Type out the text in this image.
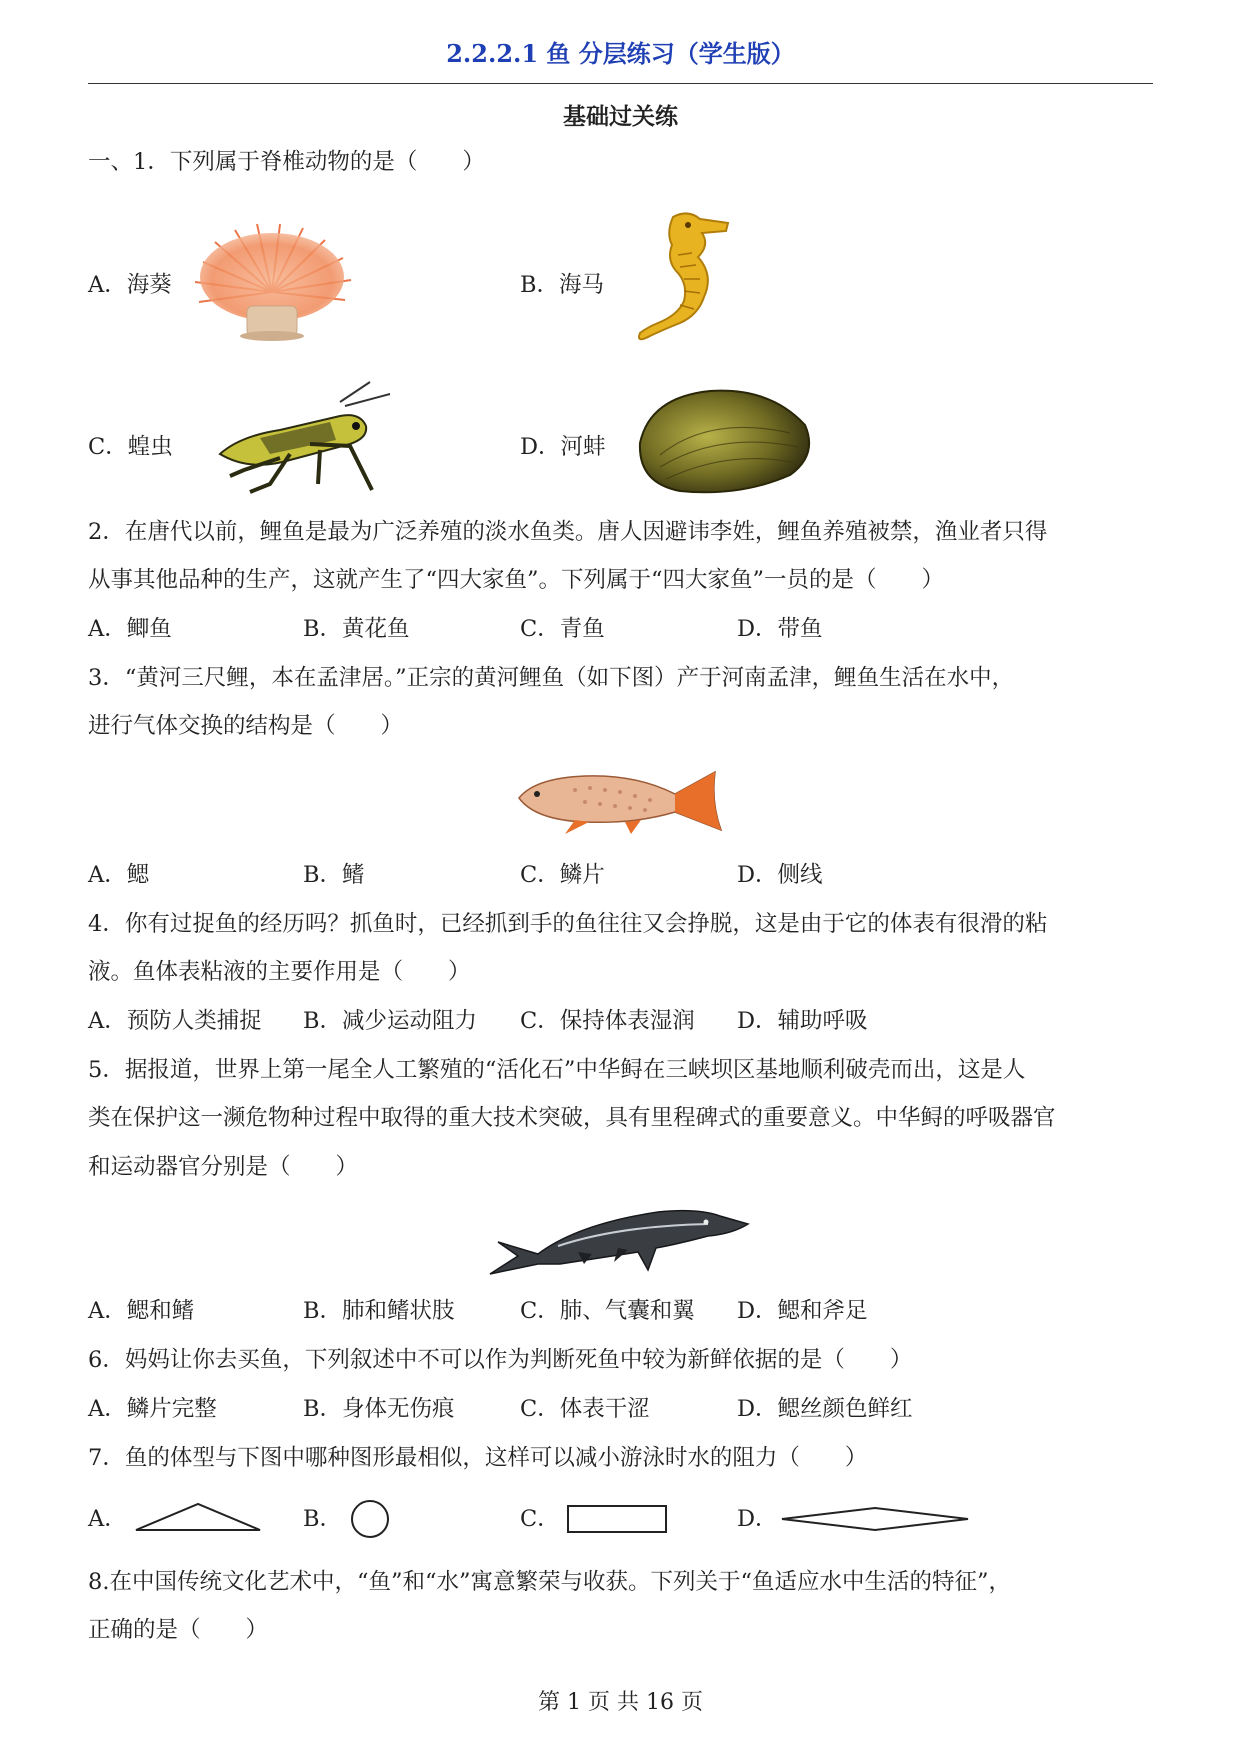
2.2.2.1 鱼 分层练习（学生版）
基础过关练
一、1．下列属于脊椎动物的是（　　）
A．海葵	B．海马
C．蝗虫	D．河蚌
2．在唐代以前，鲤鱼是最为广泛养殖的淡水鱼类。唐人因避讳李姓，鲤鱼养殖被禁，渔业者只得
从事其他品种的生产，这就产生了“四大家鱼”。下列属于“四大家鱼”一员的是（　　）
A．鲫鱼	B．黄花鱼	C．青鱼	D．带鱼
3．“黄河三尺鲤，本在孟津居。”正宗的黄河鲤鱼（如下图）产于河南孟津，鲤鱼生活在水中，
进行气体交换的结构是（　　）
A．鳃	B．鳍	C．鳞片	D．侧线
4．你有过捉鱼的经历吗？抓鱼时，已经抓到手的鱼往往又会挣脱，这是由于它的体表有很滑的粘
液。鱼体表粘液的主要作用是（　　）
A．预防人类捕捉 B．减少运动阻力 C．保持体表湿润 D．辅助呼吸
5．据报道，世界上第一尾全人工繁殖的“活化石”中华鲟在三峡坝区基地顺利破壳而出，这是人
类在保护这一濒危物种过程中取得的重大技术突破，具有里程碑式的重要意义。中华鲟的呼吸器官
和运动器官分别是（　　）
A．鳃和鳍	B．肺和鳍状肢	C．肺、气囊和翼 D．鳃和斧足
6．妈妈让你去买鱼，下列叙述中不可以作为判断死鱼中较为新鲜依据的是（　　）
A．鳞片完整	B．身体无伤痕	C．体表干涩	D．鳃丝颜色鲜红
7．鱼的体型与下图中哪种图形最相似，这样可以减小游泳时水的阻力（　　）
A．	B．	C．	D．
8.在中国传统文化艺术中，“鱼”和“水”寓意繁荣与收获。下列关于“鱼适应水中生活的特征”，
正确的是（　　）
第 1 页 共 16 页
